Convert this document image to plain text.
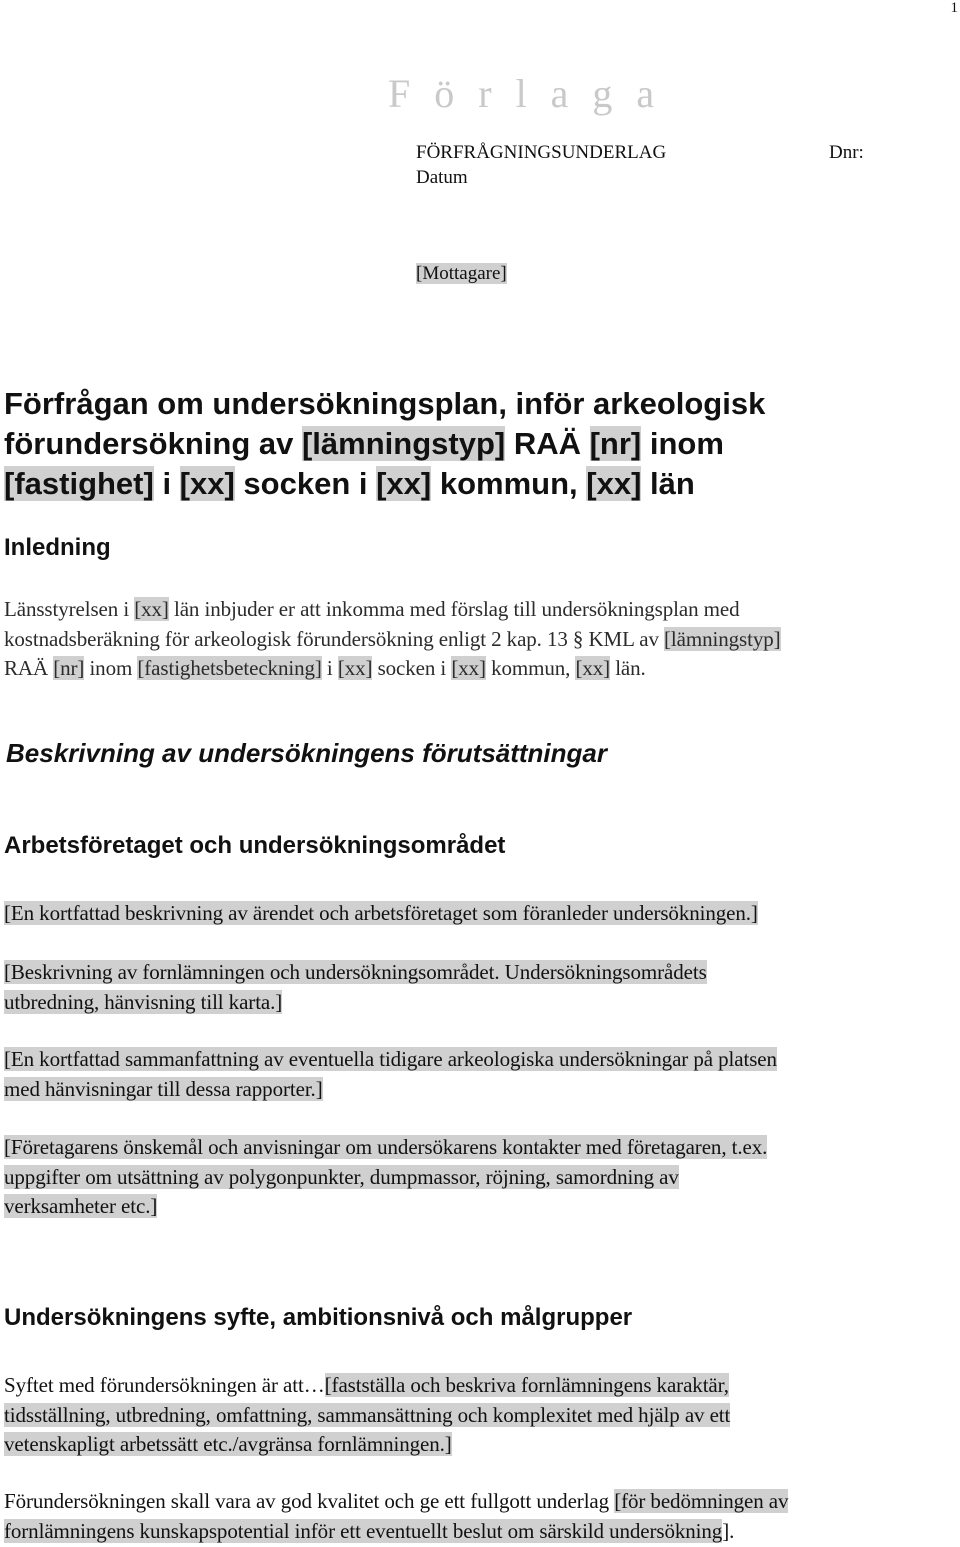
1
F ö r l a g a
FÖRFRÅGNINGSUNDERLAG	Dnr:
Datum
[Mottagare]
Förfrågan om undersökningsplan, inför arkeologisk
förundersökning av [lämningstyp] RAÄ [nr] inom
[fastighet] i [xx] socken i [xx] kommun, [xx] län
Inledning
Länsstyrelsen i [xx] län inbjuder er att inkomma med förslag till undersökningsplan med
kostnadsberäkning för arkeologisk förundersökning enligt 2 kap. 13 § KML av [lämningstyp]
RAÄ [nr] inom [fastighetsbeteckning] i [xx] socken i [xx] kommun, [xx] län.
Beskrivning av undersökningens förutsättningar
Arbetsföretaget och undersökningsområdet
[En kortfattad beskrivning av ärendet och arbetsföretaget som föranleder undersökningen.]
[Beskrivning av fornlämningen och undersökningsområdet. Undersökningsområdets
utbredning, hänvisning till karta.]
[En kortfattad sammanfattning av eventuella tidigare arkeologiska undersökningar på platsen
med hänvisningar till dessa rapporter.]
[Företagarens önskemål och anvisningar om undersökarens kontakter med företagaren, t.ex.
uppgifter om utsättning av polygonpunkter, dumpmassor, röjning, samordning av
verksamheter etc.]
Undersökningens syfte, ambitionsnivå och målgrupper
Syftet med förundersökningen är att…[fastställa och beskriva fornlämningens karaktär,
tidsställning, utbredning, omfattning, sammansättning och komplexitet med hjälp av ett
vetenskapligt arbetssätt etc./avgränsa fornlämningen.]
Förundersökningen skall vara av god kvalitet och ge ett fullgott underlag [för bedömningen av
fornlämningens kunskapspotential inför ett eventuellt beslut om särskild undersökning].
